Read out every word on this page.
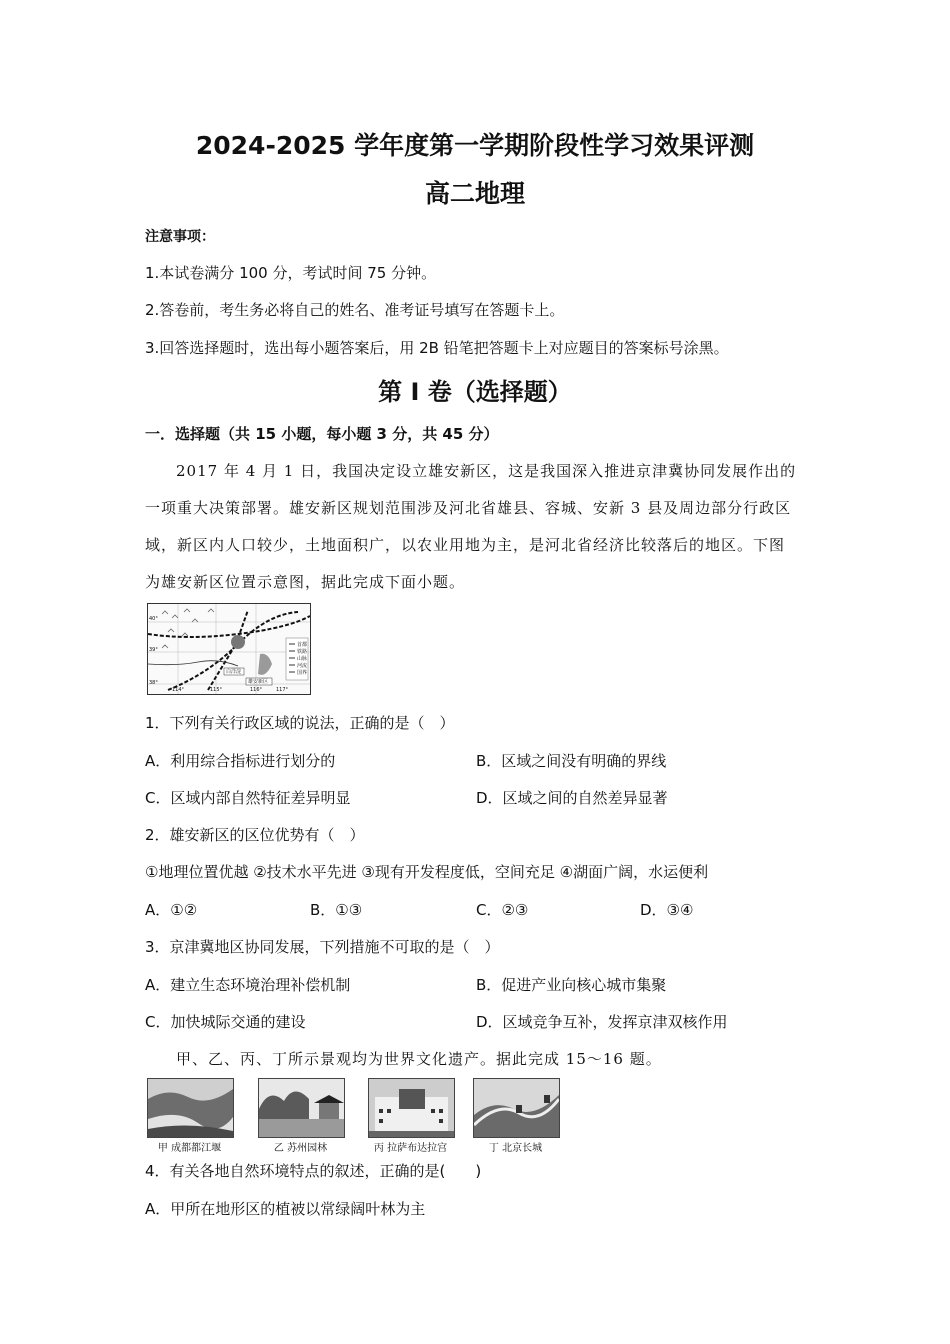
2024-2025 学年度第一学期阶段性学习效果评测
高二地理
注意事项：
1.本试卷满分 100 分，考试时间 75 分钟。
2.答卷前，考生务必将自己的姓名、准考证号填写在答题卡上。
3.回答选择题时，选出每小题答案后，用 2B 铅笔把答题卡上对应题目的答案标号涂黑。
第 I 卷（选择题）
一．选择题（共 15 小题，每小题 3 分，共 45 分）
2017 年 4 月 1 日，我国决定设立雄安新区，这是我国深入推进京津冀协同发展作出的
一项重大决策部署。雄安新区规划范围涉及河北省雄县、容城、安新 3 县及周边部分行政区
域，新区内人口较少，土地面积广，以农业用地为主，是河北省经济比较落后的地区。下图
为雄安新区位置示意图，据此完成下面小题。
40°
39°
38°
114°	115°	116°	117°
白洋淀
雄安新区
首都
铁路
山脉
河流
国界
1．下列有关行政区域的说法，正确的是（　）
A．利用综合指标进行划分的	B．区域之间没有明确的界线
C．区域内部自然特征差异明显	D．区域之间的自然差异显著
2．雄安新区的区位优势有（　）
①地理位置优越 ②技术水平先进 ③现有开发程度低，空间充足 ④湖面广阔，水运便利
A．①②	B．①③	C．②③	D．③④
3．京津冀地区协同发展，下列措施不可取的是（　）
A．建立生态环境治理补偿机制	B．促进产业向核心城市集聚
C．加快城际交通的建设	D．区域竞争互补，发挥京津双核作用
甲、乙、丙、丁所示景观均为世界文化遗产。据此完成 15～16 题。
甲 成都都江堰	乙 苏州园林	丙 拉萨布达拉宫	丁 北京长城
4．有关各地自然环境特点的叙述，正确的是(　　)
A．甲所在地形区的植被以常绿阔叶林为主
